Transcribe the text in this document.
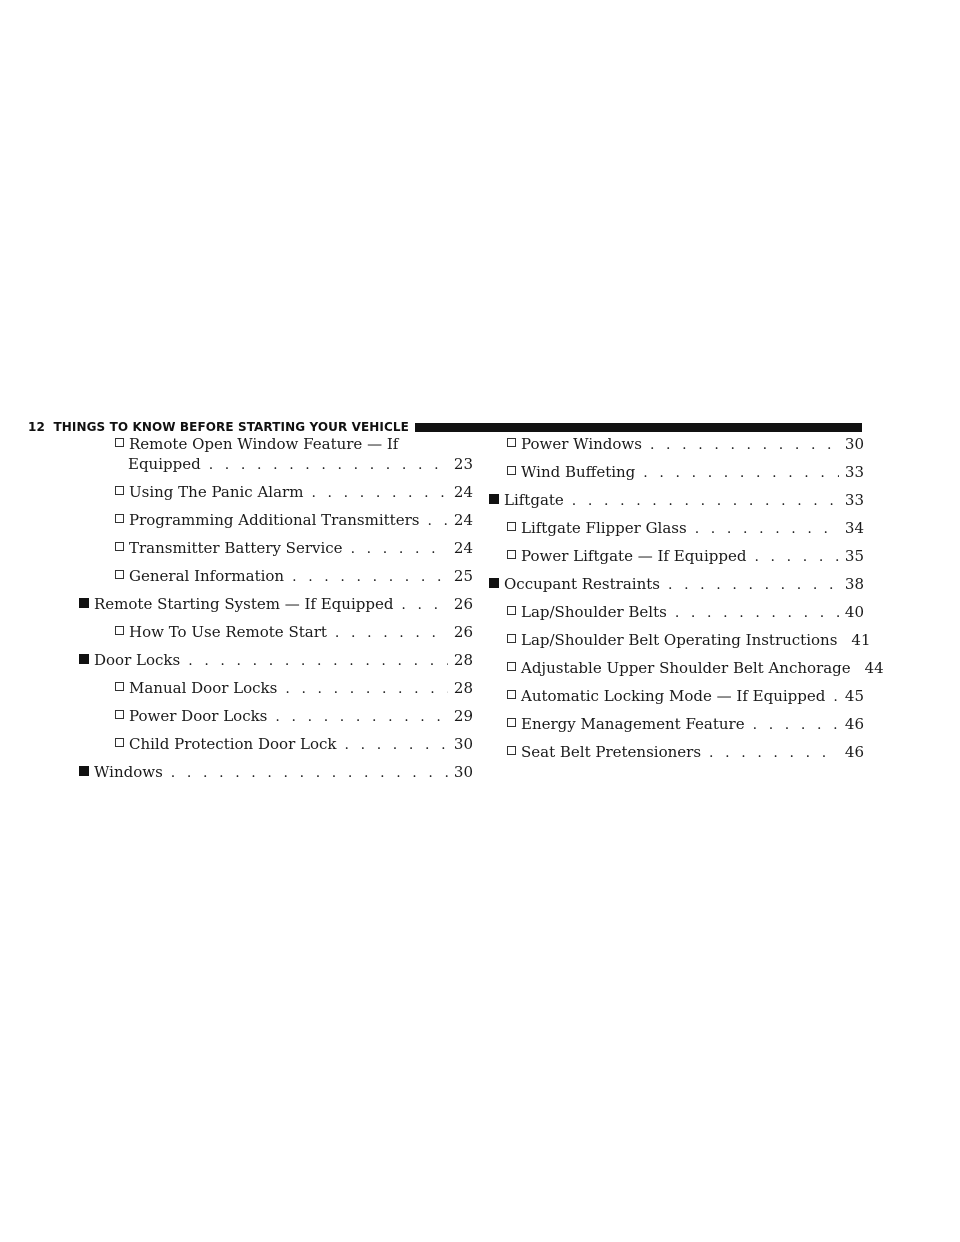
12 THINGS TO KNOW BEFORE STARTING YOUR VEHICLE
Remote Open Window Feature — If
Equipped . . .	23
Using The Panic Alarm . . .	24
Programming Additional Transmitters . . .	24
Transmitter Battery Service . . .	24
General Information . . .	25
Remote Starting System — If Equipped . . .	26
How To Use Remote Start . . .	26
Door Locks . . .	28
Manual Door Locks . . .	28
Power Door Locks . . .	29
Child Protection Door Lock . . .	30
Windows . . .	30
Power Windows . . .	30
Wind Buffeting . . .	33
Liftgate . . .	33
Liftgate Flipper Glass . . .	34
Power Liftgate — If Equipped . . .	35
Occupant Restraints . . .	38
Lap/Shoulder Belts . . .	40
Lap/Shoulder Belt Operating Instructions . . . 41
Adjustable Upper Shoulder Belt Anchorage . . . 44
Automatic Locking Mode — If Equipped . . .	45
Energy Management Feature . . .	46
Seat Belt Pretensioners . . .	46
